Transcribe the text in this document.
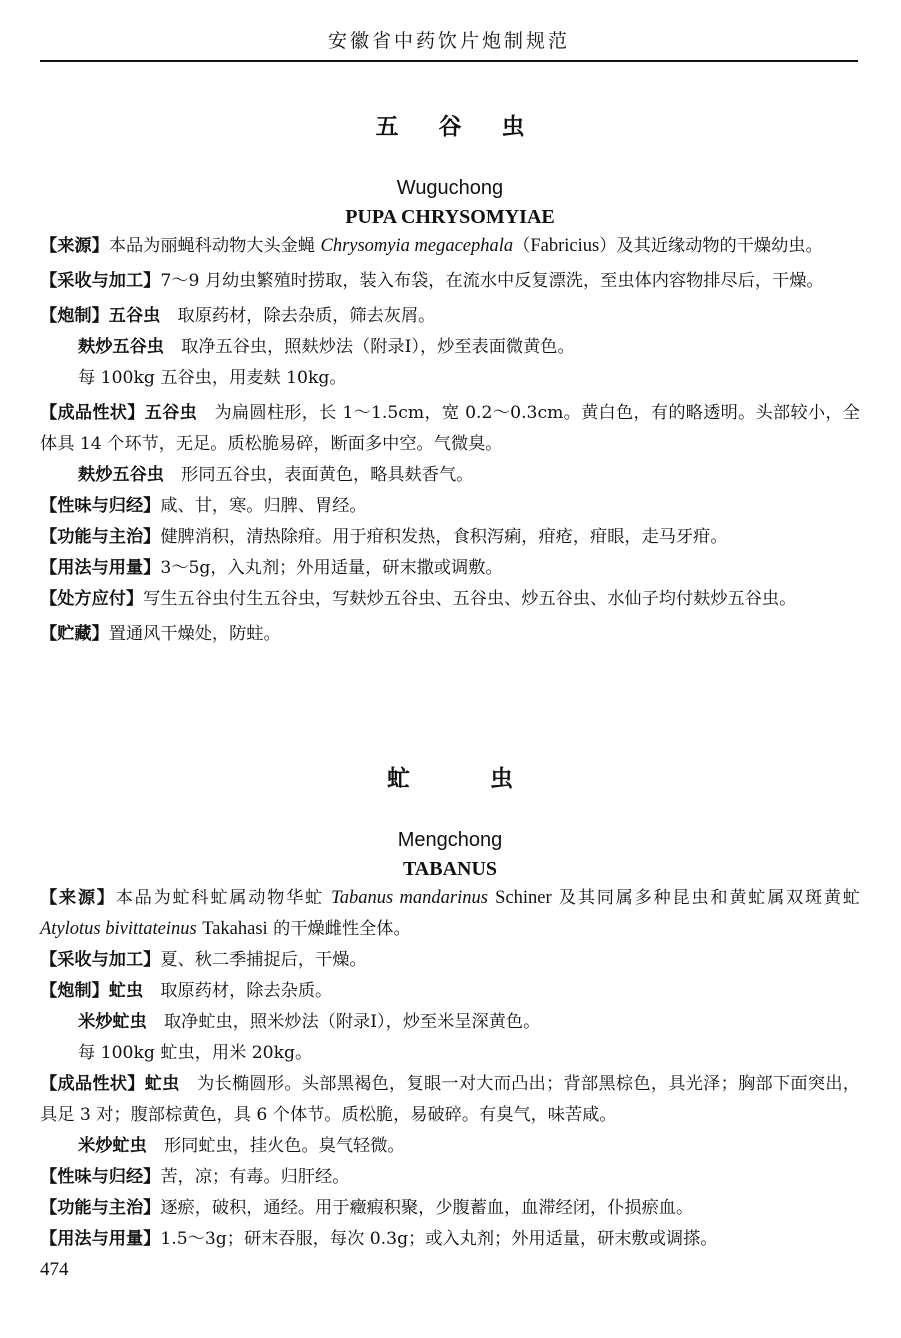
安徽省中药饮片炮制规范
五 谷 虫
Wuguchong
PUPA CHRYSOMYIAE
【来源】本品为丽蝇科动物大头金蝇 Chrysomyia megacephala（Fabricius）及其近缘动物的干燥幼虫。
【采收与加工】7～9 月幼虫繁殖时捞取，装入布袋，在流水中反复漂洗，至虫体内容物排尽后，干燥。
【炮制】五谷虫　取原药材，除去杂质，筛去灰屑。
麸炒五谷虫　取净五谷虫，照麸炒法（附录Ⅰ），炒至表面微黄色。
每 100kg 五谷虫，用麦麸 10kg。
【成品性状】五谷虫　为扁圆柱形，长 1～1.5cm，宽 0.2～0.3cm。黄白色，有的略透明。头部较小，全体具 14 个环节，无足。质松脆易碎，断面多中空。气微臭。
麸炒五谷虫　形同五谷虫，表面黄色，略具麸香气。
【性味与归经】咸、甘，寒。归脾、胃经。
【功能与主治】健脾消积，清热除疳。用于疳积发热，食积泻痢，疳疮，疳眼，走马牙疳。
【用法与用量】3～5g，入丸剂；外用适量，研末撒或调敷。
【处方应付】写生五谷虫付生五谷虫，写麸炒五谷虫、五谷虫、炒五谷虫、水仙子均付麸炒五谷虫。
【贮藏】置通风干燥处，防蛀。
虻	虫
Mengchong
TABANUS
【来源】本品为虻科虻属动物华虻 Tabanus mandarinus Schiner 及其同属多种昆虫和黄虻属双斑黄虻 Atylotus bivittateinus Takahasi 的干燥雌性全体。
【采收与加工】夏、秋二季捕捉后，干燥。
【炮制】虻虫　取原药材，除去杂质。
米炒虻虫　取净虻虫，照米炒法（附录Ⅰ），炒至米呈深黄色。
每 100kg 虻虫，用米 20kg。
【成品性状】虻虫　为长椭圆形。头部黑褐色，复眼一对大而凸出；背部黑棕色，具光泽；胸部下面突出，具足 3 对；腹部棕黄色，具 6 个体节。质松脆，易破碎。有臭气，味苦咸。
米炒虻虫　形同虻虫，挂火色。臭气轻微。
【性味与归经】苦，凉；有毒。归肝经。
【功能与主治】逐瘀，破积，通经。用于癥瘕积聚，少腹蓄血，血滞经闭，仆损瘀血。
【用法与用量】1.5～3g；研末吞服，每次 0.3g；或入丸剂；外用适量，研末敷或调搽。
474
